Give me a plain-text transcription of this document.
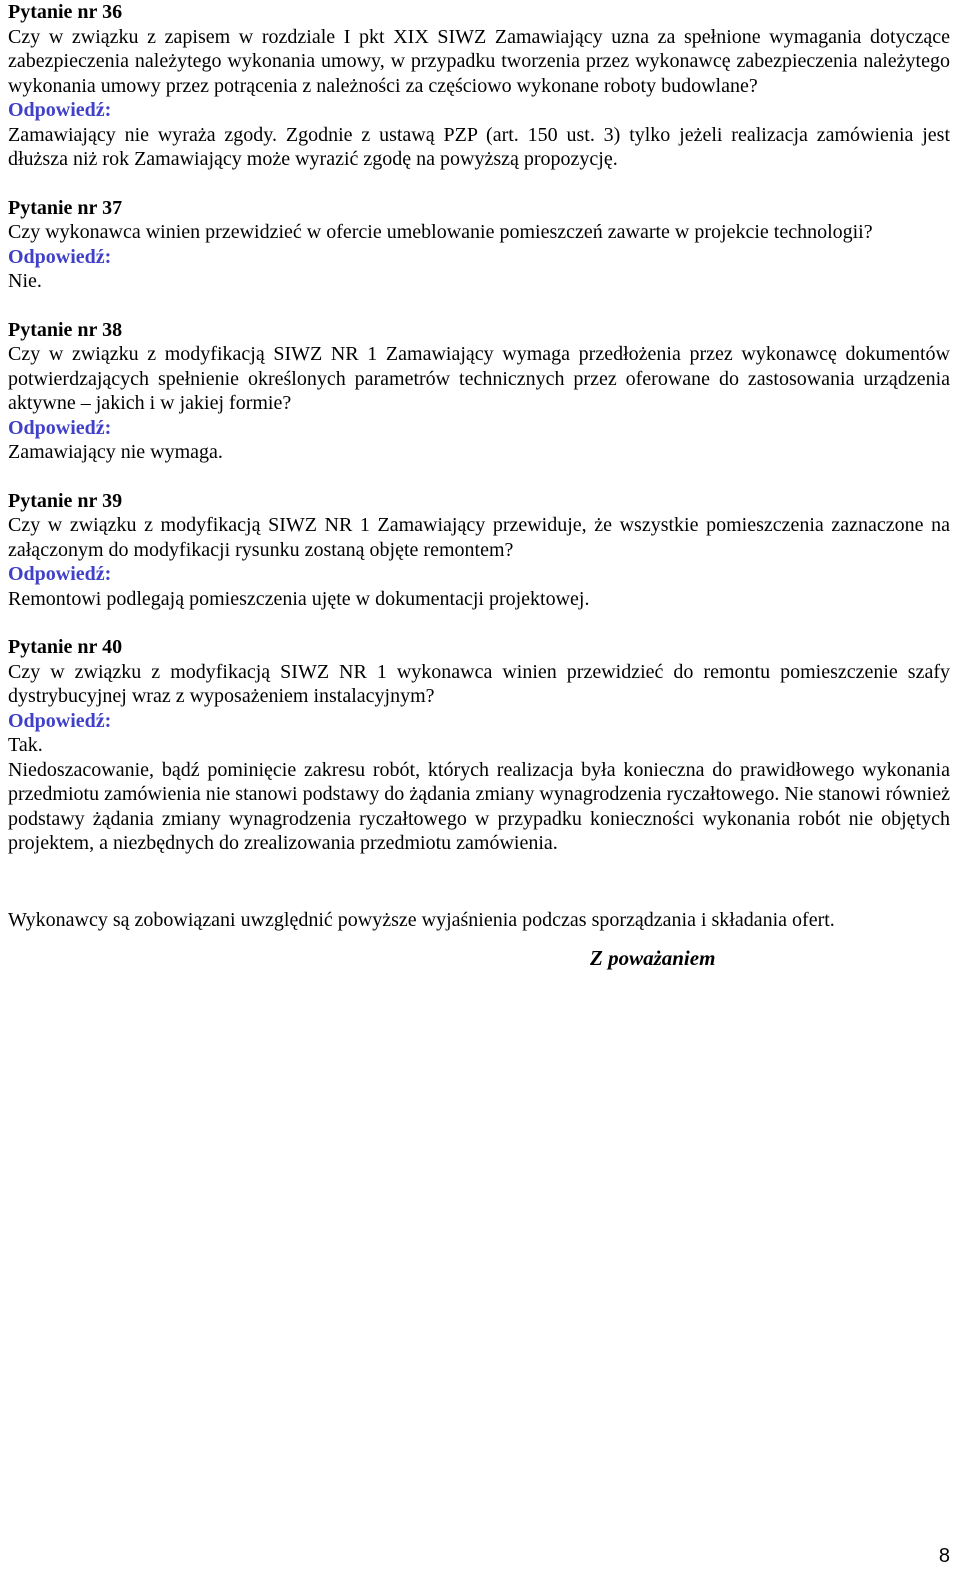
Pytanie nr 36

Czy w związku z zapisem w rozdziale I pkt XIX SIWZ Zamawiający uzna za spełnione wymagania dotyczące zabezpieczenia należytego wykonania umowy, w przypadku tworzenia przez wykonawcę zabezpieczenia należytego wykonania umowy przez potrącenia z należności za częściowo wykonane roboty budowlane?

Odpowiedź:

Zamawiający nie wyraża zgody. Zgodnie z ustawą PZP (art. 150 ust. 3) tylko jeżeli realizacja zamówienia jest dłuższa niż rok Zamawiający może wyrazić zgodę na powyższą propozycję.

Pytanie nr 37

Czy wykonawca winien przewidzieć w ofercie umeblowanie pomieszczeń zawarte w projekcie technologii?

Odpowiedź:

Nie.

Pytanie nr 38

Czy w związku z modyfikacją SIWZ NR 1 Zamawiający wymaga przedłożenia przez wykonawcę dokumentów potwierdzających spełnienie określonych parametrów technicznych przez oferowane do zastosowania urządzenia aktywne – jakich i w jakiej formie?

Odpowiedź:

Zamawiający nie wymaga.

Pytanie nr 39

Czy w związku z modyfikacją SIWZ NR 1 Zamawiający przewiduje, że wszystkie pomieszczenia zaznaczone na załączonym do modyfikacji rysunku zostaną objęte remontem?

Odpowiedź:

Remontowi podlegają pomieszczenia ujęte w dokumentacji projektowej.

Pytanie nr 40

Czy w związku z modyfikacją SIWZ NR 1 wykonawca winien przewidzieć do remontu pomieszczenie szafy dystrybucyjnej wraz z wyposażeniem instalacyjnym?

Odpowiedź:

Tak.

Niedoszacowanie, bądź pominięcie zakresu robót, których realizacja była konieczna do prawidłowego wykonania przedmiotu zamówienia nie stanowi podstawy do żądania zmiany wynagrodzenia ryczałtowego. Nie stanowi również podstawy żądania zmiany wynagrodzenia ryczałtowego w przypadku konieczności wykonania robót nie objętych projektem, a niezbędnych do zrealizowania przedmiotu zamówienia.

Wykonawcy są zobowiązani uwzględnić powyższe wyjaśnienia podczas sporządzania i składania ofert.

Z poważaniem

8
